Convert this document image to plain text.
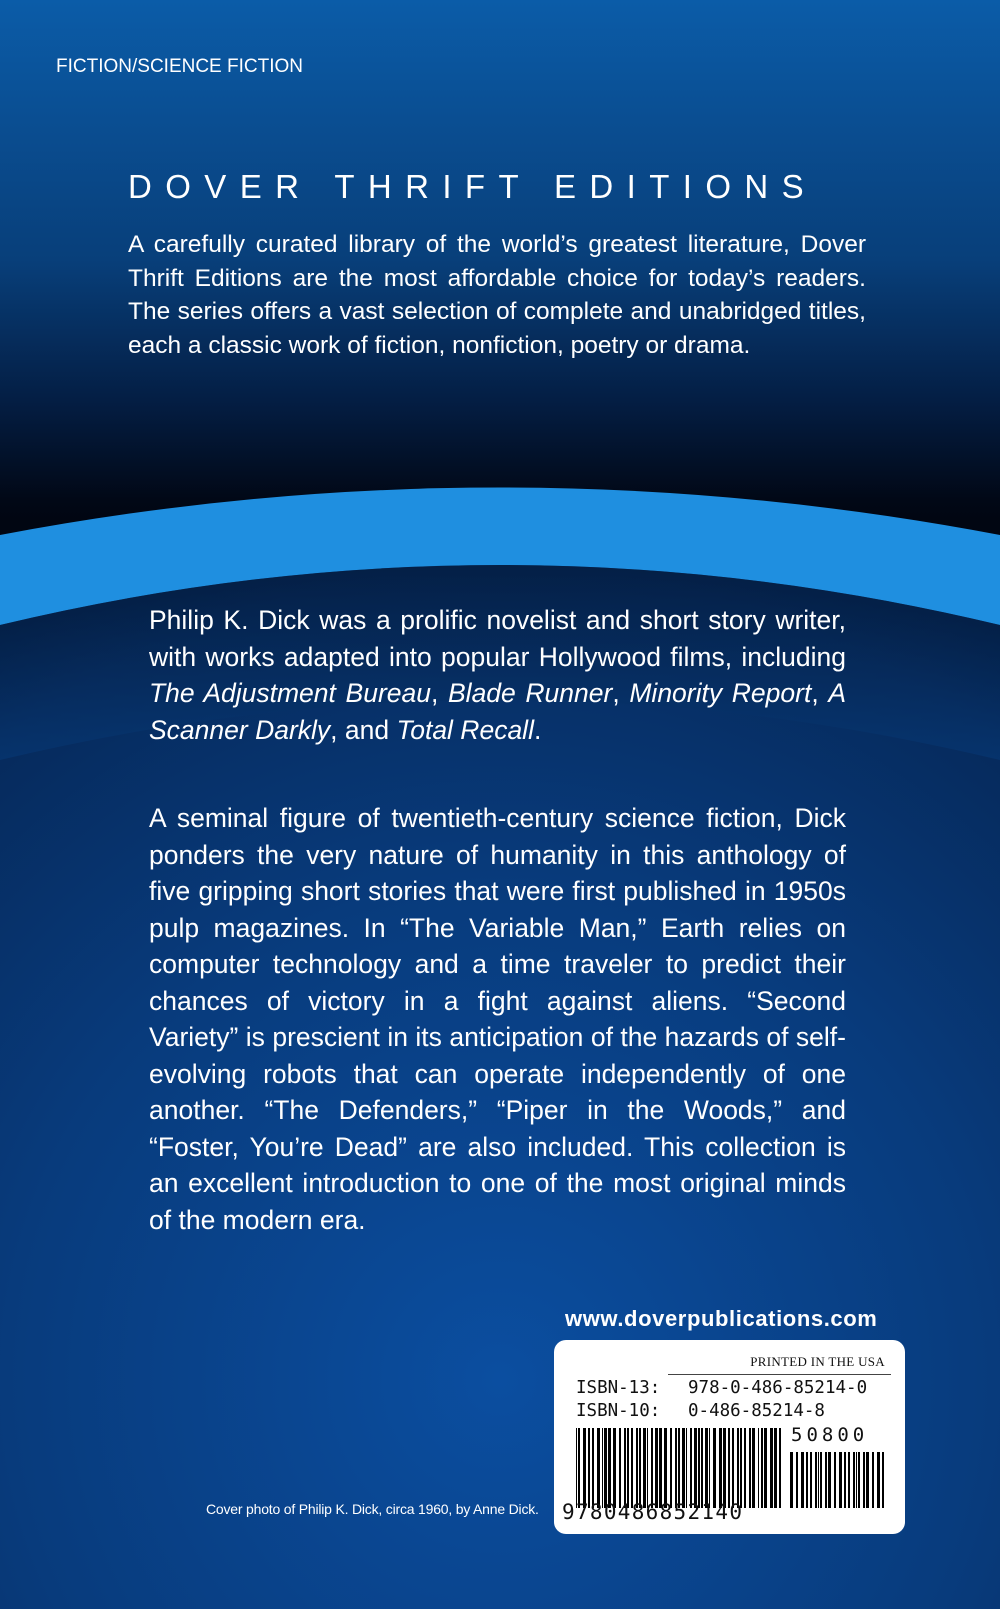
FICTION/SCIENCE FICTION
DOVER THRIFT EDITIONS

A carefully curated library of the world’s greatest literature, Dover Thrift Editions are the most affordable choice for today’s readers. The series offers a vast selection of complete and unabridged titles, each a classic work of fiction, nonfiction, poetry or drama.

Philip K. Dick was a prolific novelist and short story writer, with works adapted into popular Hollywood films, including The Adjustment Bureau, Blade Runner, Minority Report, A Scanner Darkly, and Total Recall.

A seminal figure of twentieth-century science fiction, Dick ponders the very nature of humanity in this anthology of five gripping short stories that were first published in 1950s pulp magazines. In “The Variable Man,” Earth relies on computer technology and a time traveler to predict their chances of victory in a fight against aliens. “Second Variety” is prescient in its anticipation of the hazards of self-evolving robots that can operate independently of one another. “The Defenders,” “Piper in the Woods,” and “Foster, You’re Dead” are also included. This collection is an excellent introduction to one of the most original minds of the modern era.

www.doverpublications.com
PRINTED IN THE USA
ISBN-13: 978-0-486-85214-0
ISBN-10: 0-486-85214-8
50800
9780486852140
Cover photo of Philip K. Dick, circa 1960, by Anne Dick.
